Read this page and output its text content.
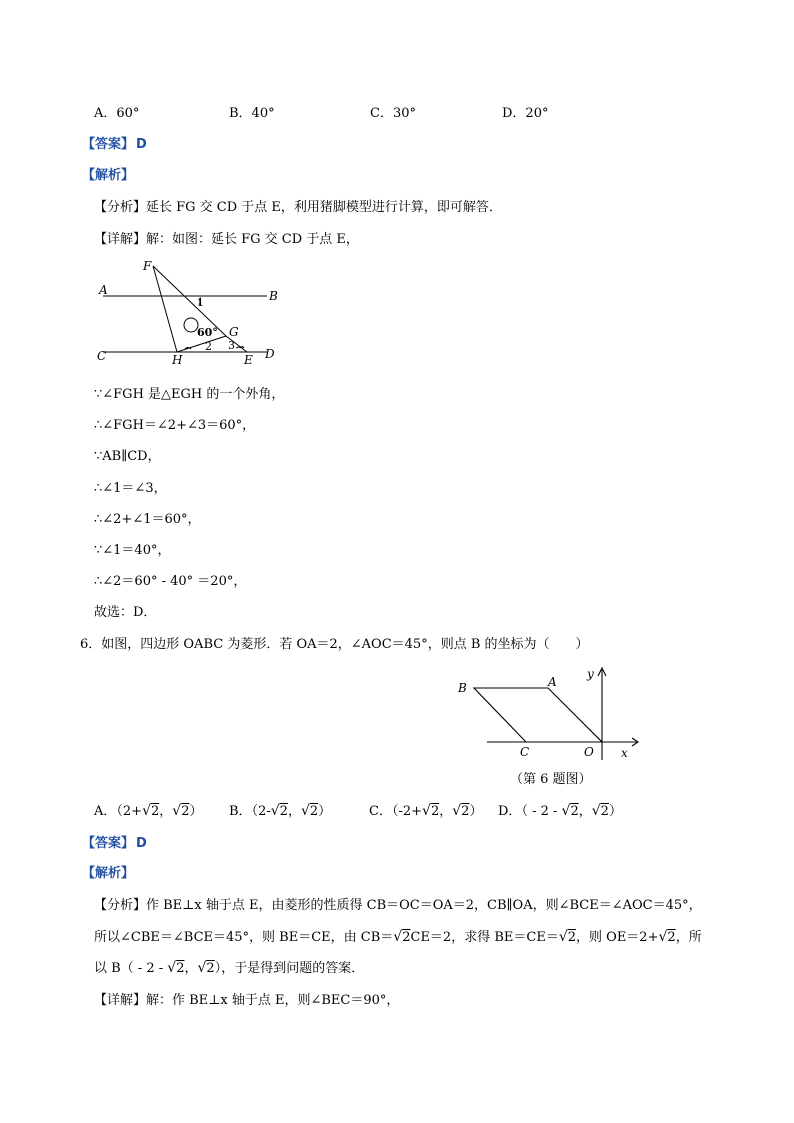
A．60°	B．40°	C．30°	D．20°
【答案】 D
【解析】
【分析】延长 FG 交 CD 于点 E，利用猪脚模型进行计算，即可解答．
【详解】解：如图：延长 FG 交 CD 于点 E，
F
A	B
1
60° G
2 3
C	H	E D
∵∠FGH 是△EGH 的一个外角，
∴∠FGH＝∠2+∠3＝60°，
∵AB∥CD，
∴∠1＝∠3，
∴∠2+∠1＝60°，
∵∠1＝40°，
∴∠2＝60° - 40° ＝20°，
故选：D．
6．如图，四边形 OABC 为菱形．若 OA＝2，∠AOC＝45°，则点 B 的坐标为（　　）
B	A
y
C	O x
（第 6 题图）
A．（2+√2，√2） B．（2-√2，√2）	C．（-2+√2，√2） D．（ - 2 - √2，√2）
【答案】 D
【解析】
【分析】作 BE⊥x 轴于点 E，由菱形的性质得 CB＝OC＝OA＝2，CB∥OA，则∠BCE＝∠AOC＝45°，
所以∠CBE＝∠BCE＝45°，则 BE＝CE，由 CB＝√2CE＝2，求得 BE＝CE＝√2，则 OE＝2+√2，所
以 B（ - 2 - √2，√2），于是得到问题的答案．
【详解】解：作 BE⊥x 轴于点 E，则∠BEC＝90°，
